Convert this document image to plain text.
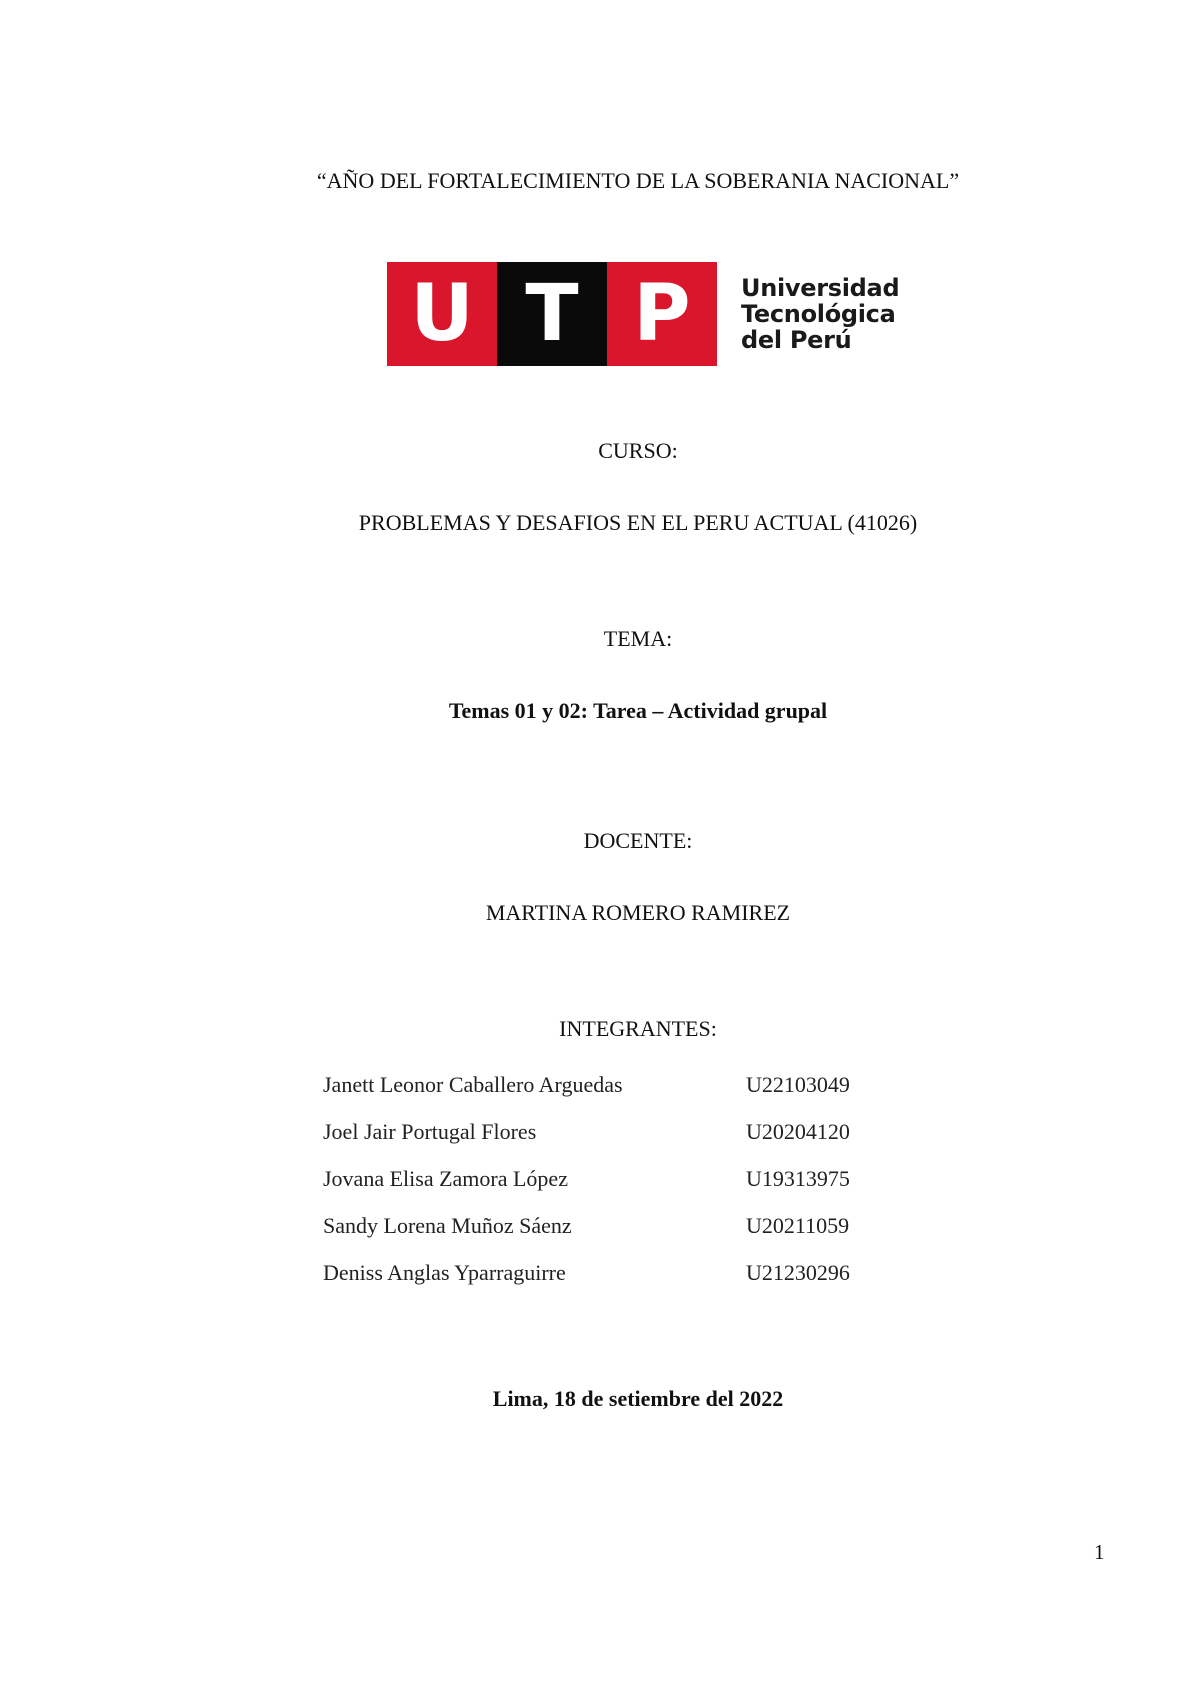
“AÑO DEL FORTALECIMIENTO DE LA SOBERANIA NACIONAL”
U T P	Universidad
Tecnológica
del Perú
CURSO:
PROBLEMAS Y DESAFIOS EN EL PERU ACTUAL (41026)
TEMA:
Temas 01 y 02: Tarea – Actividad grupal
DOCENTE:
MARTINA ROMERO RAMIREZ
INTEGRANTES:
Janett Leonor Caballero Arguedas	U22103049
Joel Jair Portugal Flores	U20204120
Jovana Elisa Zamora López	U19313975
Sandy Lorena Muñoz Sáenz	U20211059
Deniss Anglas Yparraguirre	U21230296
Lima, 18 de setiembre del 2022
1
